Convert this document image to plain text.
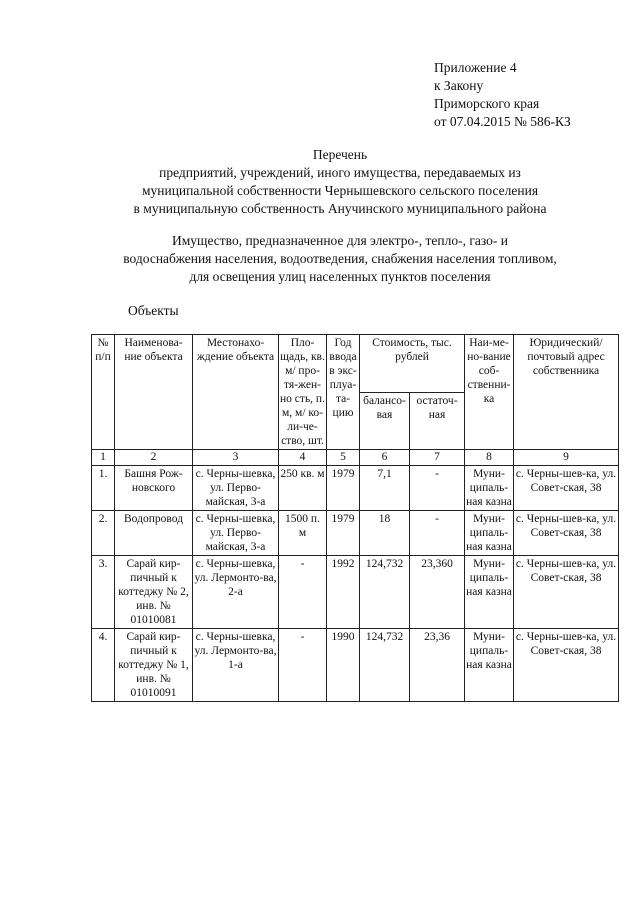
Приложение 4
к Закону
Приморского края
от 07.04.2015 № 586-КЗ
Перечень
предприятий, учреждений, иного имущества, передаваемых из
муниципальной собственности Чернышевского сельского поселения
в муниципальную собственность Анучинского муниципального района
Имущество, предназначенное для электро-, тепло-, газо- и
водоснабжения населения, водоотведения, снабжения населения топливом,
для освещения улиц населенных пунктов поселения
Объекты
№ п/п	Наименова-ние объекта	Местонахо-ждение объекта	Пло-щадь, кв. м/ про-тя-жен-но сть, п. м, м/ ко-ли-че-ство, шт.	Год ввода в экс-плуа-та-цию	Стоимость, тыс. рублей		Наи-ме-но-вание соб-ственни-ка	Юридический/ почтовый адрес собственника
					балансо-вая	остаточ-ная		
1	2	3	4	5	6	7	8	9
1.	Башня Рож-новского	с. Черны-шевка, ул. Перво-майская, 3-а	250 кв. м	1979	7,1	-	Муни-ципаль-ная казна	с. Черны-шев-ка, ул. Совет-ская, 38
2.	Водопровод	с. Черны-шевка, ул. Перво-майская, 3-а	1500 п. м	1979	18	-	Муни-ципаль-ная казна	с. Черны-шев-ка, ул. Совет-ская, 38
3.	Сарай кир-пичный к коттеджу № 2, инв. № 01010081	с. Черны-шевка, ул. Лермонто-ва, 2-а	-	1992	124,732	23,360	Муни-ципаль-ная казна	с. Черны-шев-ка, ул. Совет-ская, 38
4.	Сарай кир-пичный к коттеджу № 1, инв. № 01010091	с. Черны-шевка, ул. Лермонто-ва, 1-а	-	1990	124,732	23,36	Муни-ципаль-ная казна	с. Черны-шев-ка, ул. Совет-ская, 38
